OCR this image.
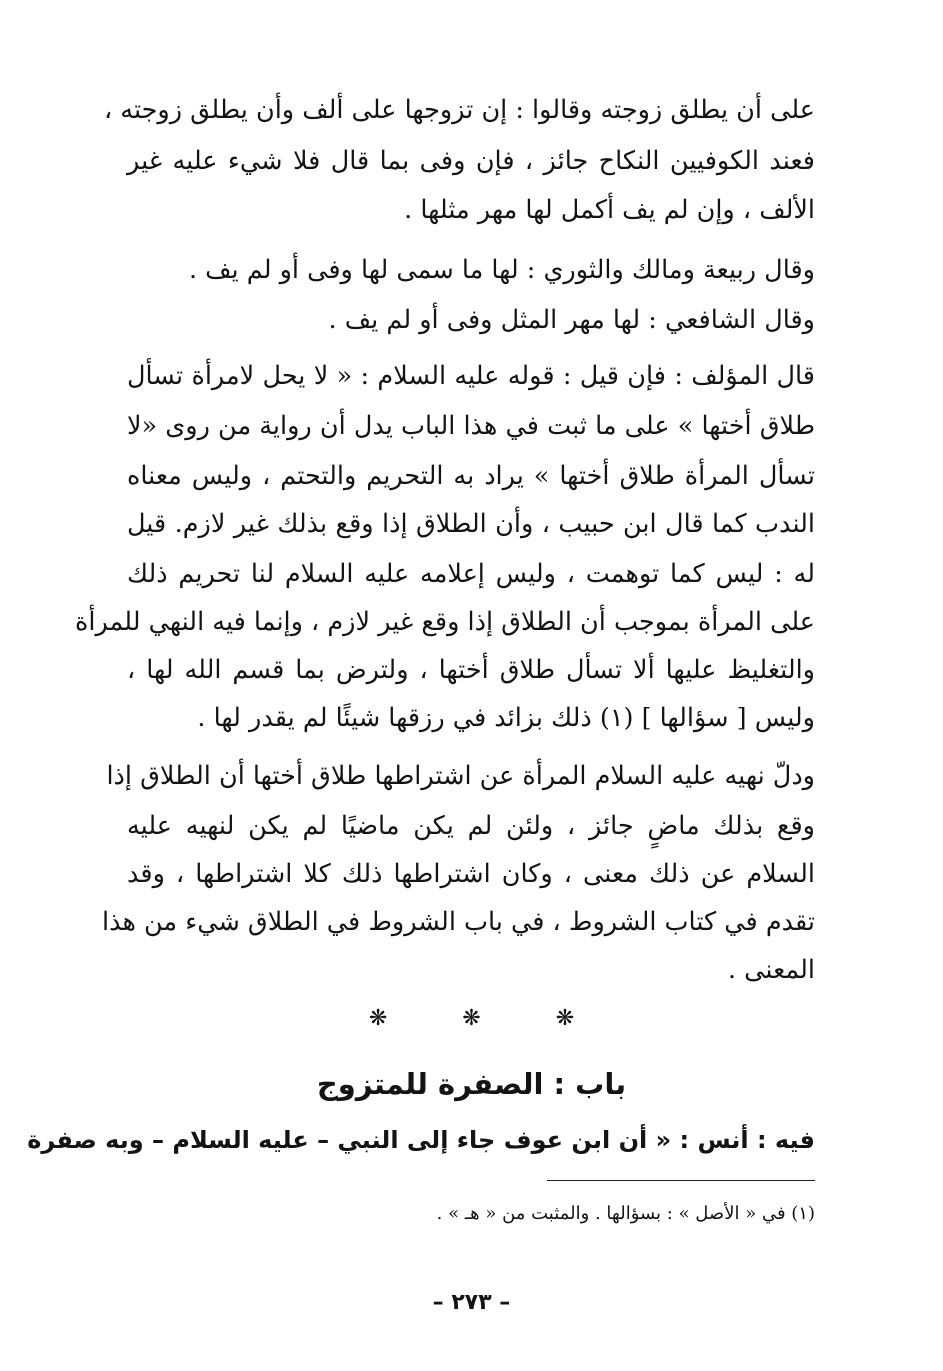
على أن يطلق زوجته وقالوا : إن تزوجها على ألف وأن يطلق زوجته ،
فعند الكوفيين النكاح جائز ، فإن وفى بما قال فلا شيء عليه غير
الألف ، وإن لم يف أكمل لها مهر مثلها .
وقال ربيعة ومالك والثوري : لها ما سمى لها وفى أو لم يف .
وقال الشافعي : لها مهر المثل وفى أو لم يف .
قال المؤلف : فإن قيل : قوله عليه السلام : « لا يحل لامرأة تسأل
طلاق أختها » على ما ثبت في هذا الباب يدل أن رواية من روى «لا
تسأل المرأة طلاق أختها » يراد به التحريم والتحتم ، وليس معناه
الندب كما قال ابن حبيب ، وأن الطلاق إذا وقع بذلك غير لازم. قيل
له : ليس كما توهمت ، وليس إعلامه عليه السلام لنا تحريم ذلك
على المرأة بموجب أن الطلاق إذا وقع غير لازم ، وإنما فيه النهي للمرأة
والتغليظ عليها ألا تسأل طلاق أختها ، ولترض بما قسم الله لها ،
وليس [ سؤالها ] (١) ذلك بزائد في رزقها شيئًا لم يقدر لها .
ودلّ نهيه عليه السلام المرأة عن اشتراطها طلاق أختها أن الطلاق إذا
وقع بذلك ماضٍ جائز ، ولئن لم يكن ماضيًا لم يكن لنهيه عليه
السلام عن ذلك معنى ، وكان اشتراطها ذلك كلا اشتراطها ، وقد
تقدم في كتاب الشروط ، في باب الشروط في الطلاق شيء من هذا
المعنى .
❋	❋	❋
باب : الصفرة للمتزوج
فيه : أنس : « أن ابن عوف جاء إلى النبي – عليه السلام – وبه صفرة
(١) في « الأصل » : بسؤالها . والمثبت من « هـ » .
– ٢٧٣ –
